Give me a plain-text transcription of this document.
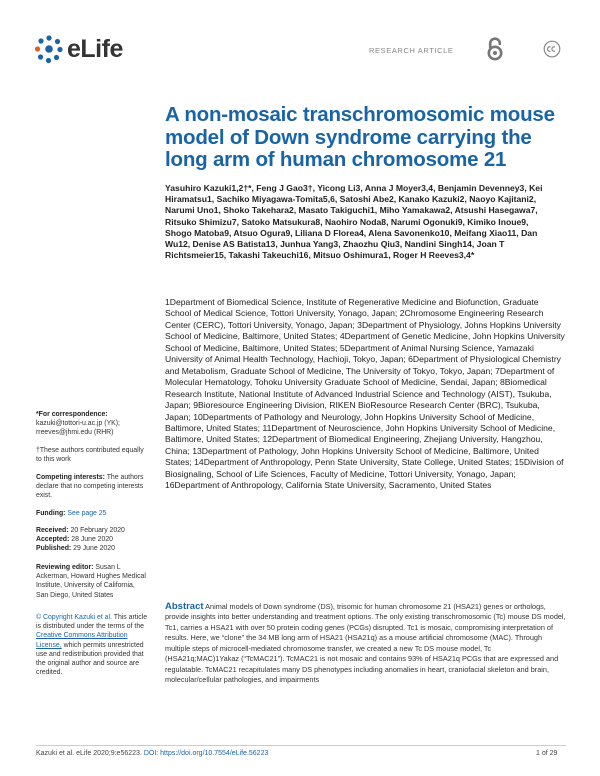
eLife	RESEARCH ARTICLE
A non-mosaic transchromosomic mouse model of Down syndrome carrying the long arm of human chromosome 21

Yasuhiro Kazuki1,2†*, Feng J Gao3†, Yicong Li3, Anna J Moyer3,4, Benjamin Devenney3, Kei Hiramatsu1, Sachiko Miyagawa-Tomita5,6, Satoshi Abe2, Kanako Kazuki2, Naoyo Kajitani2, Narumi Uno1, Shoko Takehara2, Masato Takiguchi1, Miho Yamakawa2, Atsushi Hasegawa7, Ritsuko Shimizu7, Satoko Matsukura8, Naohiro Noda8, Narumi Ogonuki9, Kimiko Inoue9, Shogo Matoba9, Atsuo Ogura9, Liliana D Florea4, Alena Savonenko10, Meifang Xiao11, Dan Wu12, Denise AS Batista13, Junhua Yang3, Zhaozhu Qiu3, Nandini Singh14, Joan T Richtsmeier15, Takashi Takeuchi16, Mitsuo Oshimura1, Roger H Reeves3,4*

1Department of Biomedical Science, Institute of Regenerative Medicine and Biofunction, Graduate School of Medical Science, Tottori University, Yonago, Japan; 2Chromosome Engineering Research Center (CERC), Tottori University, Yonago, Japan; 3Department of Physiology, Johns Hopkins University School of Medicine, Baltimore, United States; 4Department of Genetic Medicine, John Hopkins University School of Medicine, Baltimore, United States; 5Department of Animal Nursing Science, Yamazaki University of Animal Health Technology, Hachioji, Tokyo, Japan; 6Department of Physiological Chemistry and Metabolism, Graduate School of Medicine, The University of Tokyo, Tokyo, Japan; 7Department of Molecular Hematology, Tohoku University Graduate School of Medicine, Sendai, Japan; 8Biomedical Research Institute, National Institute of Advanced Industrial Science and Technology (AIST), Tsukuba, Japan; 9Bioresource Engineering Division, RIKEN BioResource Research Center (BRC), Tsukuba, Japan; 10Departments of Pathology and Neurology, John Hopkins University School of Medicine, Baltimore, United States; 11Department of Neuroscience, John Hopkins University School of Medicine, Baltimore, United States; 12Department of Biomedical Engineering, Zhejiang University, Hangzhou, China; 13Department of Pathology, John Hopkins University School of Medicine, Baltimore, United States; 14Department of Anthropology, Penn State University, State College, United States; 15Division of Biosignaling, School of Life Sciences, Faculty of Medicine, Tottori University, Yonago, Japan; 16Department of Anthropology, California State University, Sacramento, United States

*For correspondence:
kazuki@tottori-u.ac.jp (YK); rreeves@jhmi.edu (RHR)
†These authors contributed equally to this work
Competing interests: The authors declare that no competing interests exist.
Funding: See page 25
Received: 20 February 2020
Accepted: 28 June 2020
Published: 29 June 2020
Reviewing editor: Susan L Ackerman, Howard Hughes Medical Institute, University of California, San Diego, United States
© Copyright Kazuki et al. This article is distributed under the terms of the Creative Commons Attribution License, which permits unrestricted use and redistribution provided that the original author and source are credited.

Abstract Animal models of Down syndrome (DS), trisomic for human chromosome 21 (HSA21) genes or orthologs, provide insights into better understanding and treatment options. The only existing transchromosomic (Tc) mouse DS model, Tc1, carries a HSA21 with over 50 protein coding genes (PCGs) disrupted. Tc1 is mosaic, compromising interpretation of results. Here, we “clone” the 34 MB long arm of HSA21 (HSA21q) as a mouse artificial chromosome (MAC). Through multiple steps of microcell-mediated chromosome transfer, we created a new Tc DS mouse model, Tc (HSA21q;MAC)1Yakaz (“TcMAC21”). TcMAC21 is not mosaic and contains 93% of HSA21q PCGs that are expressed and regulatable. TcMAC21 recapitulates many DS phenotypes including anomalies in heart, craniofacial skeleton and brain, molecular/cellular pathologies, and impairments

Kazuki et al. eLife 2020;9:e56223. DOI: https://doi.org/10.7554/eLife.56223	1 of 29
